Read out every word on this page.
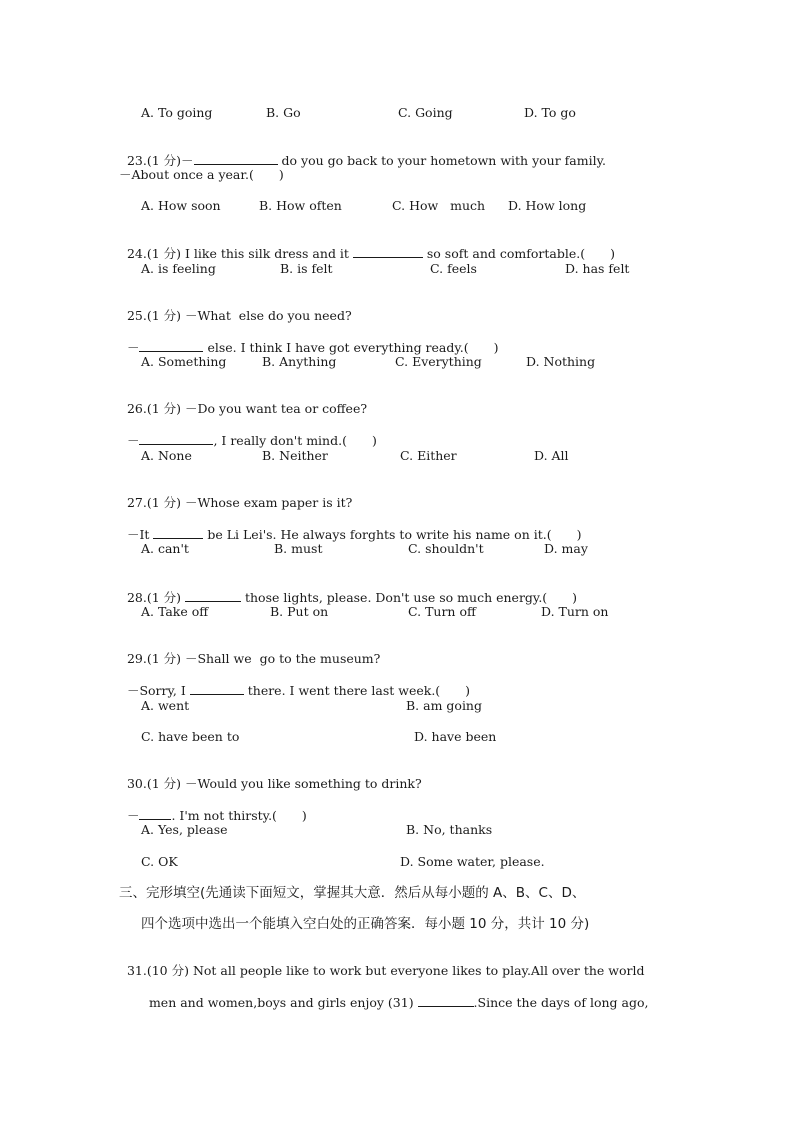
A. To going	B. Go	C. Going	D. To go

23.(1 分)－	do you go back to your hometown with your family.

－About once a year.(　　)
A. How soon	B. How often	C. How   much D. How long

24.(1 分) I like this silk dress and it	so soft and comfortable.(　　)

A. is feeling	B. is felt	C. feels	D. has felt

25.(1 分) －What  else do you need?

－	else. I think I have got everything ready.(　　)

A. Something	B. Anything	C. Everything	D. Nothing

26.(1 分) －Do you want tea or coffee?

－	, I really don't mind.(　　)

A. None	B. Neither	C. Either	D. All

27.(1 分) －Whose exam paper is it?

－It	be Li Lei's. He always forghts to write his name on it.(　　)

A. can't	B. must	C. shouldn't	D. may

28.(1 分)	those lights, please. Don't use so much energy.(　　)

A. Take off	B. Put on	C. Turn off	D. Turn on

29.(1 分) －Shall we  go to the museum?

－Sorry, I	there. I went there last week.(　　)

A. went	B. am going
C. have been to	D. have been

30.(1 分) －Would you like something to drink?

－	. I'm not thirsty.(　　)

A. Yes, please	B. No, thanks
C. OK	D. Some water, please.
三、完形填空(先通读下面短文，掌握其大意．然后从每小题的 A、B、C、D、
四个选项中选出一个能填入空白处的正确答案．每小题 10 分，共计 10 分)

31.(10 分) Not all people like to work but everyone likes to play.All over the world

men and women,boys and girls enjoy (31)	.Since the days of long ago,
